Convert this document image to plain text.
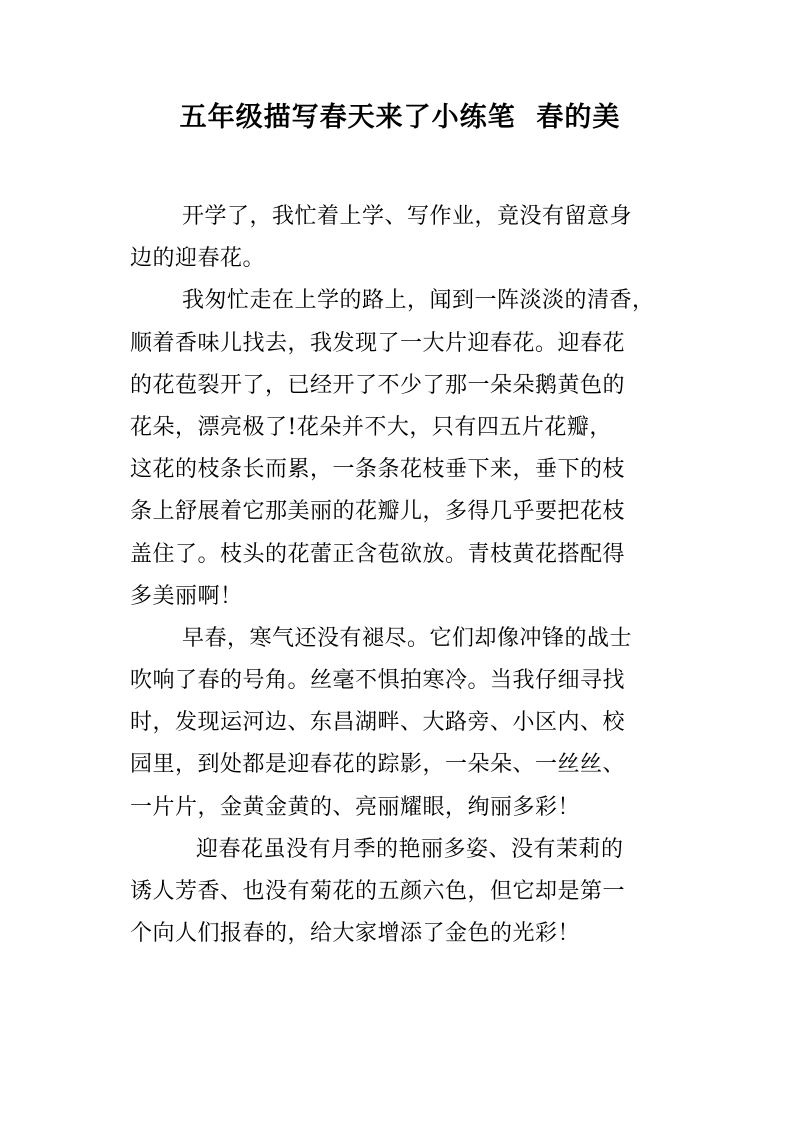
五年级描写春天来了小练笔  春的美
开学了，我忙着上学、写作业，竟没有留意身
边的迎春花。
我匆忙走在上学的路上，闻到一阵淡淡的清香，
顺着香味儿找去，我发现了一大片迎春花。迎春花
的花苞裂开了，已经开了不少了那一朵朵鹅黄色的
花朵，漂亮极了!花朵并不大，只有四五片花瓣，
这花的枝条长而累，一条条花枝垂下来，垂下的枝
条上舒展着它那美丽的花瓣儿，多得几乎要把花枝
盖住了。枝头的花蕾正含苞欲放。青枝黄花搭配得
多美丽啊！
早春，寒气还没有褪尽。它们却像冲锋的战士
吹响了春的号角。丝毫不惧拍寒冷。当我仔细寻找
时，发现运河边、东昌湖畔、大路旁、小区内、校
园里，到处都是迎春花的踪影，一朵朵、一丝丝、
一片片，金黄金黄的、亮丽耀眼，绚丽多彩！
迎春花虽没有月季的艳丽多姿、没有茉莉的
诱人芳香、也没有菊花的五颜六色，但它却是第一
个向人们报春的，给大家增添了金色的光彩！
